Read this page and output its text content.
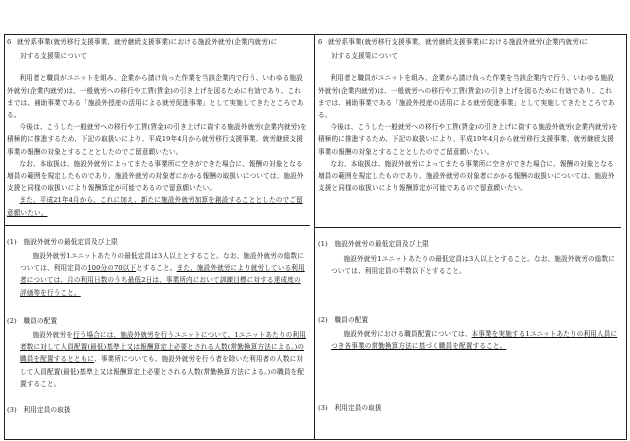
6 就労系事業(就労移行支援事業、就労継続支援事業)における施設外就労(企業内就労)に
対する支援策について

利用者と職員がユニットを組み、企業から請け負った作業を当該企業内で行う、いわゆる施設外就労(企業内就労)は、一般就労への移行や工賃(賃金)の引き上げを図るために有効であり、これまでは、補助事業である「施設外授産の活用による就労促進事業」として実施してきたところである。

今後は、こうした一般就労への移行や工賃(賃金)の引き上げに資する施設外就労(企業内就労)を積極的に推進するため、下記の取扱いにより、平成19年4月から就労移行支援事業、就労継続支援事業の報酬の対象とすることとしたのでご留意願いたい。

なお、本取扱は、施設外就労によってまたる事業所に空きができた場合に、報酬の対象となる増員の範囲を規定したものであり、施設外就労の対象者にかかる報酬の取扱いについては、施設外支援と同様の取扱いにより報酬算定が可能であるので留意願いたい。

また、平成21年4月から、これに加え、新たに施設外就労加算を創設することとしたのでご留意願いたい。

(1)　施設外就労の最低定員及び上限
施設外就労1ユニットあたりの最低定員は3人以上とすること。なお、施設外就労の総数については、利用定員の100分の70以下とすること。また、施設外就労により就労している利用者については、月の利用日数のうち最低2日は、事業所内において訓練目標に対する達成度の評価等を行うこと。
(2)　職員の配置
施設外就労を行う場合には、施設外就労を行うユニットについて、1ユニットあたりの利用者数に対して人員配置(最低)基準上又は報酬算定上必要とされる人数(常勤換算方法による。)の職員を配置するとともに、事業所についても、施設外就労を行う者を除いた利用者の人数に対して人員配置(最低)基準上又は報酬算定上必要とされる人数(常勤換算方法による。)の職員を配置すること。
(3)　利用定員の取扱
6 就労系事業(就労移行支援事業、就労継続支援事業)における施設外就労(企業内就労)に
対する支援策について

利用者と職員がユニットを組み、企業から請け負った作業を当該企業内で行う、いわゆる施設外就労(企業内就労)は、一般就労への移行や工賃(賃金)の引き上げを図るために有効であり、これまでは、補助事業である「施設外授産の活用による就労促進事業」として実施してきたところである。

今後は、こうした一般就労への移行や工賃(賃金)の引き上げに資する施設外就労(企業内就労)を積極的に推進するため、下記の取扱いにより、平成19年4月から就労移行支援事業、就労継続支援事業の報酬の対象とすることとしたのでご留意願いたい。

なお、本取扱は、施設外就労によってまたる事業所に空きができた場合に、報酬の対象となる増員の範囲を規定したものであり、施設外就労の対象者にかかる報酬の取扱いについては、施設外支援と同様の取扱いにより報酬算定が可能であるので留意願いたい。

(1)　施設外就労の最低定員及び上限
施設外就労1ユニットあたりの最低定員は3人以上とすること。なお、施設外就労の総数については、利用定員の半数以下とすること。
(2)　職員の配置
施設外就労における職員配置については、本事業を実施する1ユニットあたりの利用人員につき各事業の常勤換算方法に基づく職員を配置すること。
(3)　利用定員の取扱
